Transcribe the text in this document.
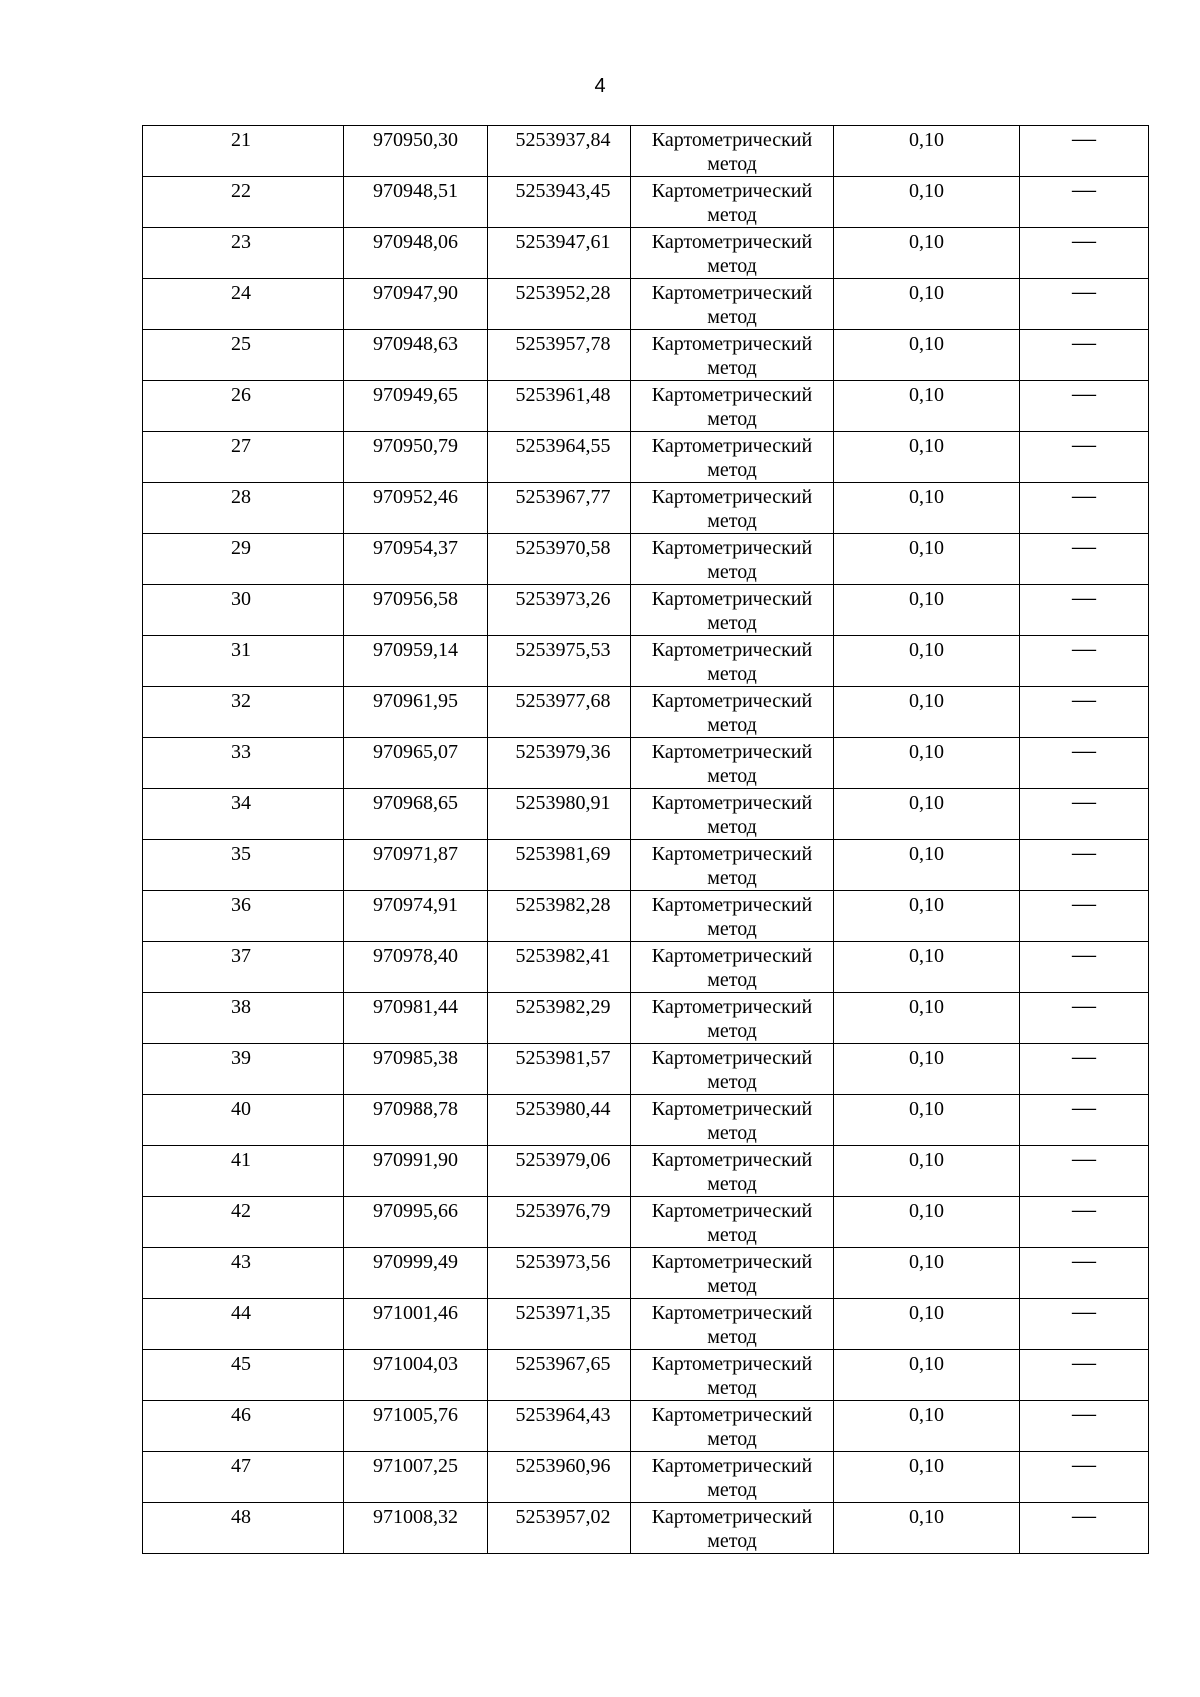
4
21	970950,30	5253937,84	Картометрический метод	0,10	—

22	970948,51	5253943,45	Картометрический метод	0,10	—

23	970948,06	5253947,61	Картометрический метод	0,10	—

24	970947,90	5253952,28	Картометрический метод	0,10	—

25	970948,63	5253957,78	Картометрический метод	0,10	—

26	970949,65	5253961,48	Картометрический метод	0,10	—

27	970950,79	5253964,55	Картометрический метод	0,10	—

28	970952,46	5253967,77	Картометрический метод	0,10	—

29	970954,37	5253970,58	Картометрический метод	0,10	—

30	970956,58	5253973,26	Картометрический метод	0,10	—

31	970959,14	5253975,53	Картометрический метод	0,10	—

32	970961,95	5253977,68	Картометрический метод	0,10	—

33	970965,07	5253979,36	Картометрический метод	0,10	—

34	970968,65	5253980,91	Картометрический метод	0,10	—

35	970971,87	5253981,69	Картометрический метод	0,10	—

36	970974,91	5253982,28	Картометрический метод	0,10	—

37	970978,40	5253982,41	Картометрический метод	0,10	—

38	970981,44	5253982,29	Картометрический метод	0,10	—

39	970985,38	5253981,57	Картометрический метод	0,10	—

40	970988,78	5253980,44	Картометрический метод	0,10	—

41	970991,90	5253979,06	Картометрический метод	0,10	—

42	970995,66	5253976,79	Картометрический метод	0,10	—

43	970999,49	5253973,56	Картометрический метод	0,10	—

44	971001,46	5253971,35	Картометрический метод	0,10	—

45	971004,03	5253967,65	Картометрический метод	0,10	—

46	971005,76	5253964,43	Картометрический метод	0,10	—

47	971007,25	5253960,96	Картометрический метод	0,10	—

48	971008,32	5253957,02	Картометрический метод	0,10	—
